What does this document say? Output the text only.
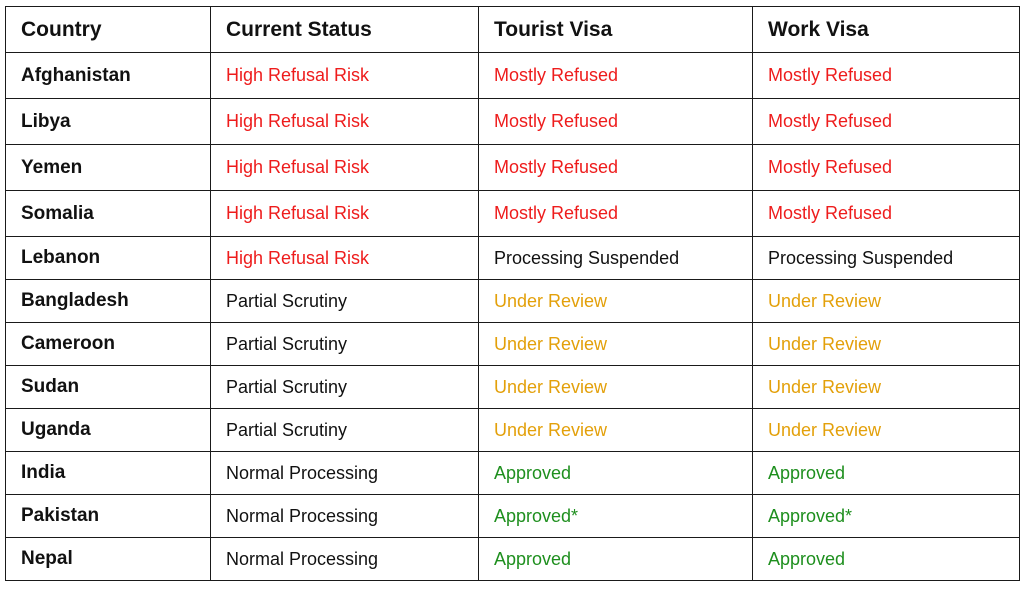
Country	Current Status	Tourist Visa	Work Visa
Afghanistan	High Refusal Risk	Mostly Refused	Mostly Refused
Libya	High Refusal Risk	Mostly Refused	Mostly Refused
Yemen	High Refusal Risk	Mostly Refused	Mostly Refused
Somalia	High Refusal Risk	Mostly Refused	Mostly Refused
Lebanon	High Refusal Risk	Processing Suspended	Processing Suspended
Bangladesh	Partial Scrutiny	Under Review	Under Review
Cameroon	Partial Scrutiny	Under Review	Under Review
Sudan	Partial Scrutiny	Under Review	Under Review
Uganda	Partial Scrutiny	Under Review	Under Review
India	Normal Processing	Approved	Approved
Pakistan	Normal Processing	Approved*	Approved*
Nepal	Normal Processing	Approved	Approved
